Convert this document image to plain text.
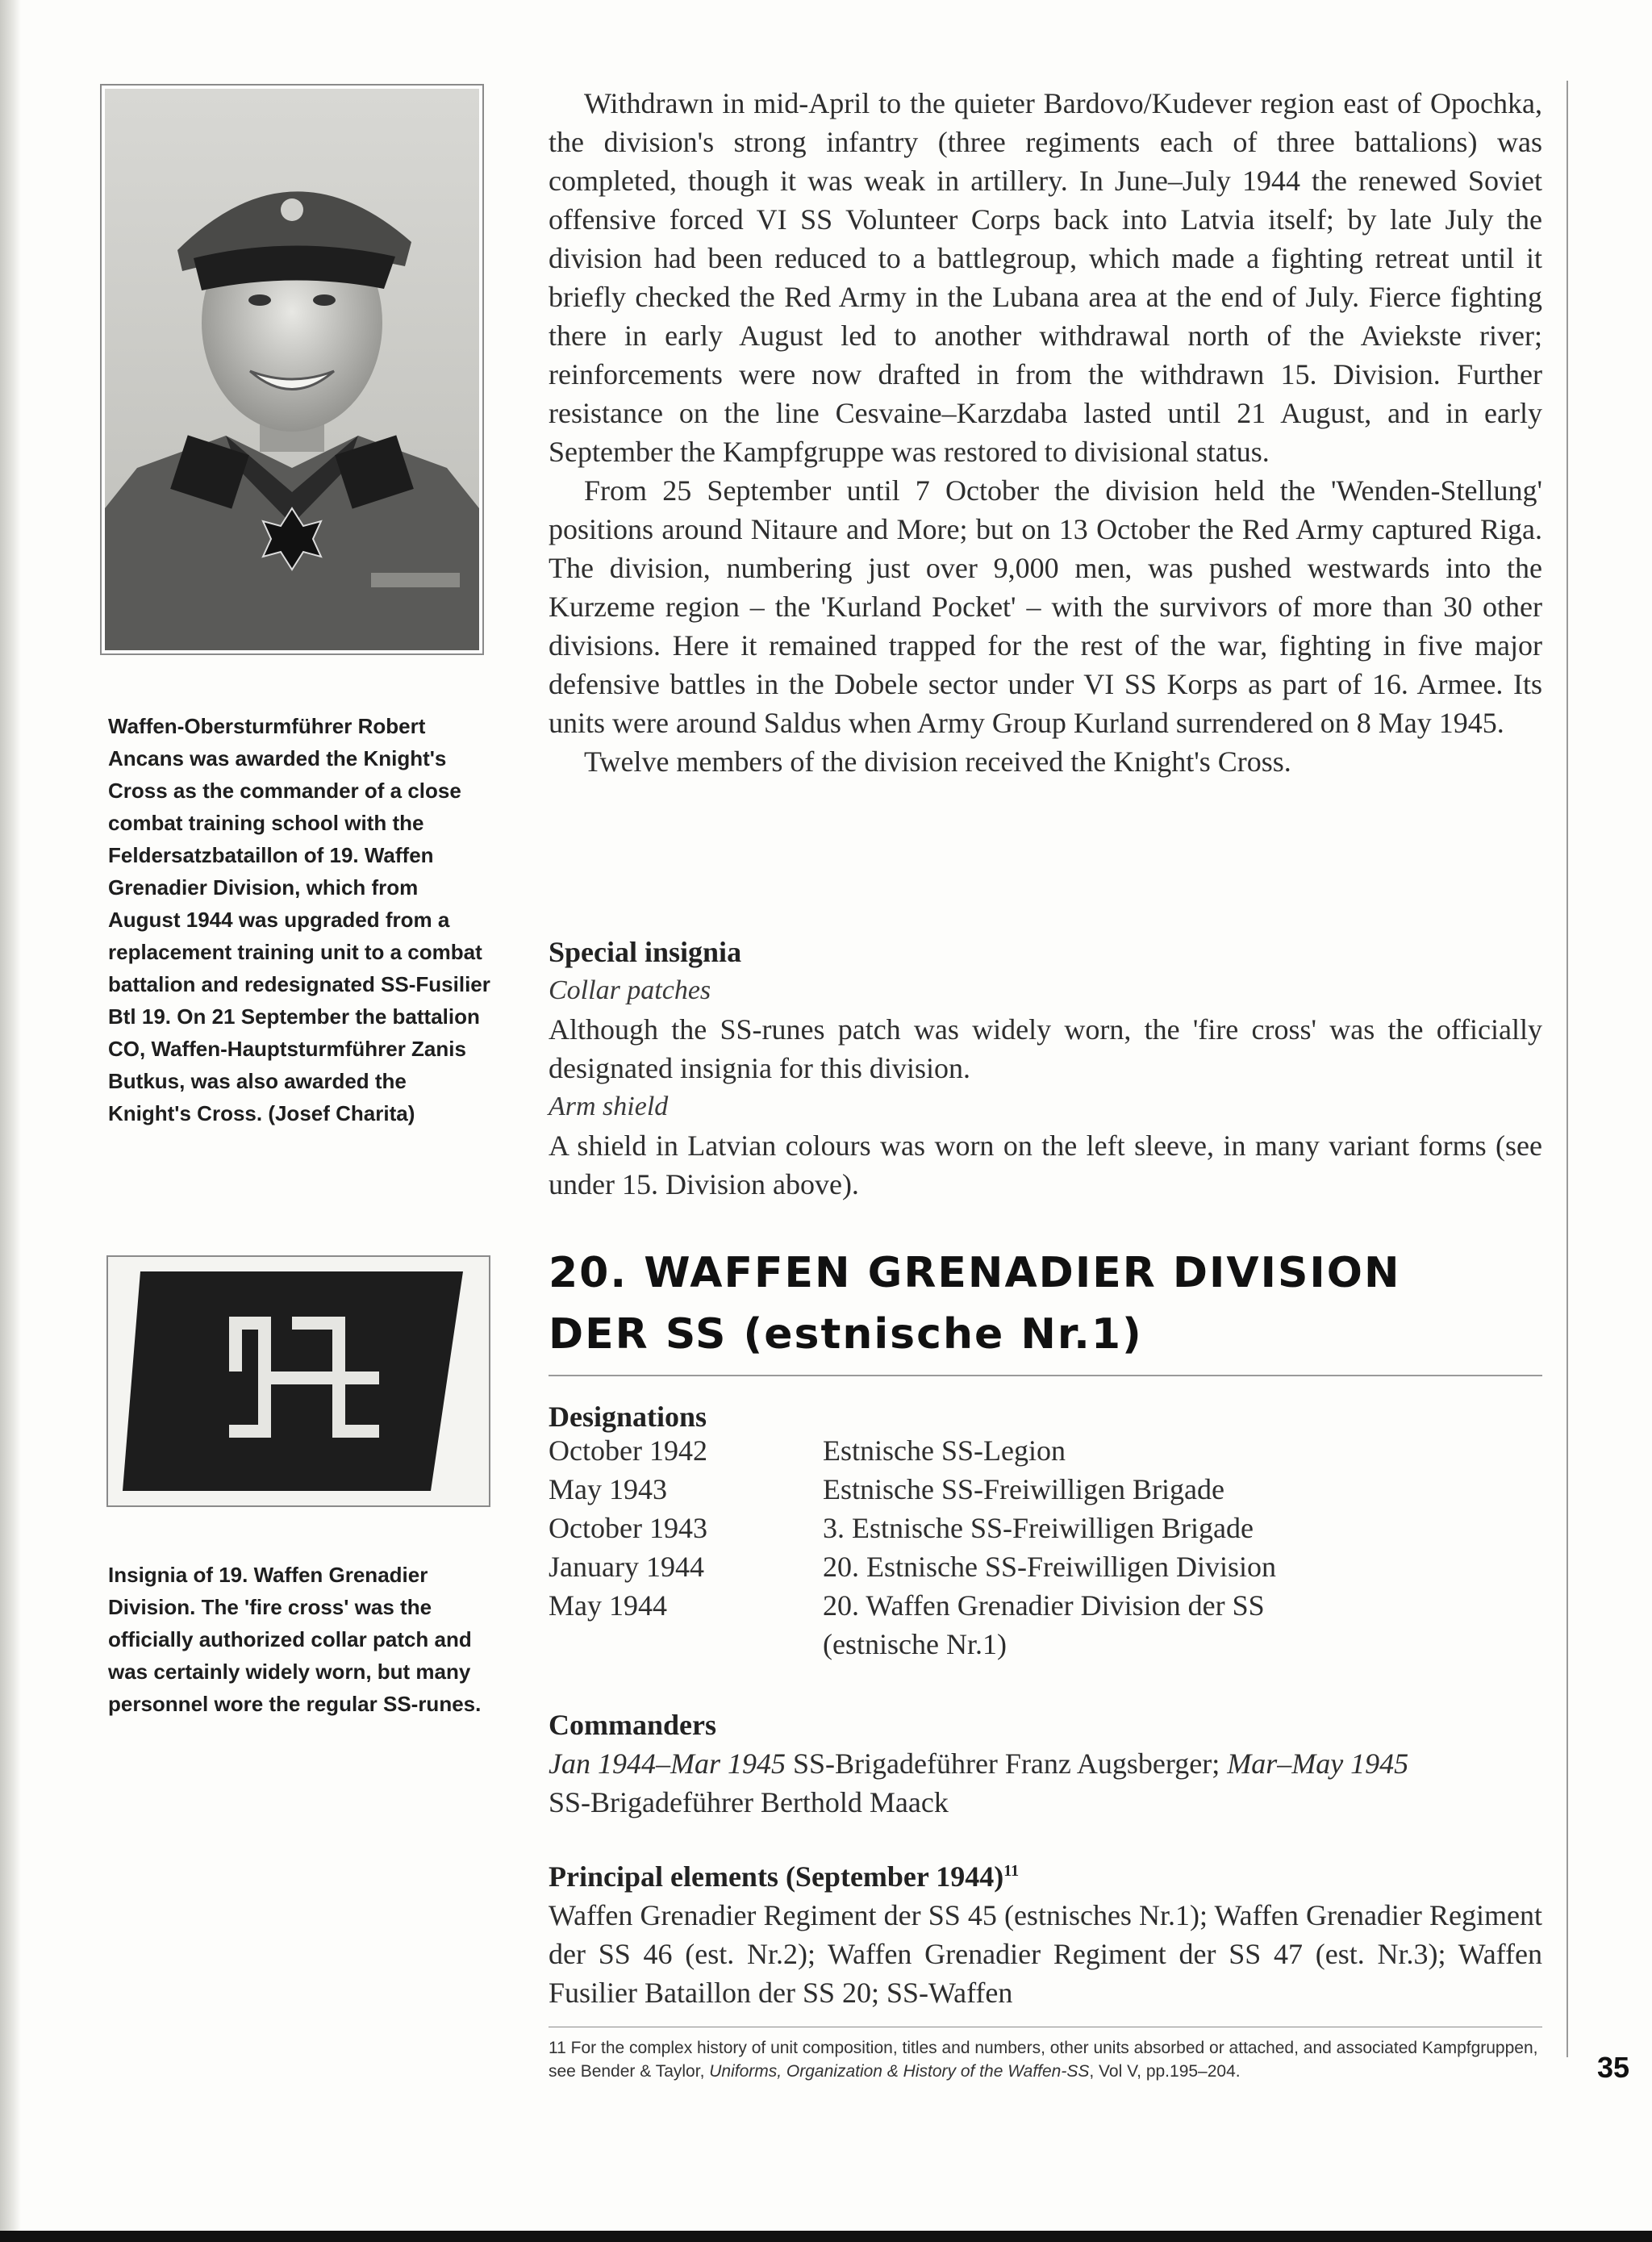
Waffen-Obersturmführer Robert Ancans was awarded the Knight's Cross as the commander of a close combat training school with the Feldersatzbataillon of 19. Waffen Grenadier Division, which from August 1944 was upgraded from a replacement training unit to a combat battalion and redesignated SS-Fusilier Btl 19. On 21 September the battalion CO, Waffen-Hauptsturmführer Zanis Butkus, was also awarded the Knight's Cross. (Josef Charita)
Insignia of 19. Waffen Grenadier Division. The 'fire cross' was the officially authorized collar patch and was certainly widely worn, but many personnel wore the regular SS-runes.

Withdrawn in mid-April to the quieter Bardovo/Kudever region east of Opochka, the division's strong infantry (three regiments each of three battalions) was completed, though it was weak in artillery. In June–July 1944 the renewed Soviet offensive forced VI SS Volunteer Corps back into Latvia itself; by late July the division had been reduced to a battlegroup, which made a fighting retreat until it briefly checked the Red Army in the Lubana area at the end of July. Fierce fighting there in early August led to another withdrawal north of the Aviekste river; reinforcements were now drafted in from the withdrawn 15. Division. Further resistance on the line Cesvaine–Karzdaba lasted until 21 August, and in early September the Kampfgruppe was restored to divisional status.

From 25 September until 7 October the division held the 'Wenden-Stellung' positions around Nitaure and More; but on 13 October the Red Army captured Riga. The division, numbering just over 9,000 men, was pushed westwards into the Kurzeme region – the 'Kurland Pocket' – with the survivors of more than 30 other divisions. Here it remained trapped for the rest of the war, fighting in five major defensive battles in the Dobele sector under VI SS Korps as part of 16. Armee. Its units were around Saldus when Army Group Kurland surrendered on 8 May 1945.

Twelve members of the division received the Knight's Cross.

Special insignia
Collar patches
Although the SS-runes patch was widely worn, the 'fire cross' was the officially designated insignia for this division.
Arm shield
A shield in Latvian colours was worn on the left sleeve, in many variant forms (see under 15. Division above).
20. WAFFEN GRENADIER DIVISION
DER SS (estnische Nr.1)
Designations
October 1942	Estnische SS-Legion
May 1943	Estnische SS-Freiwilligen Brigade
October 1943	3. Estnische SS-Freiwilligen Brigade
January 1944	20. Estnische SS-Freiwilligen Division
May 1944	20. Waffen Grenadier Division der SS
(estnische Nr.1)
Commanders
Jan 1944–Mar 1945 SS-Brigadeführer Franz Augsberger; Mar–May 1945
SS-Brigadeführer Berthold Maack
Principal elements (September 1944)$^{11}$
Waffen Grenadier Regiment der SS 45 (estnisches Nr.1); Waffen Grenadier Regiment der SS 46 (est. Nr.2); Waffen Grenadier Regiment der SS 47 (est. Nr.3); Waffen Fusilier Bataillon der SS 20; SS-Waffen
11 For the complex history of unit composition, titles and numbers, other units absorbed or attached, and associated Kampfgruppen, see Bender & Taylor, Uniforms, Organization & History of the Waffen-SS, Vol V, pp.195–204.	35
